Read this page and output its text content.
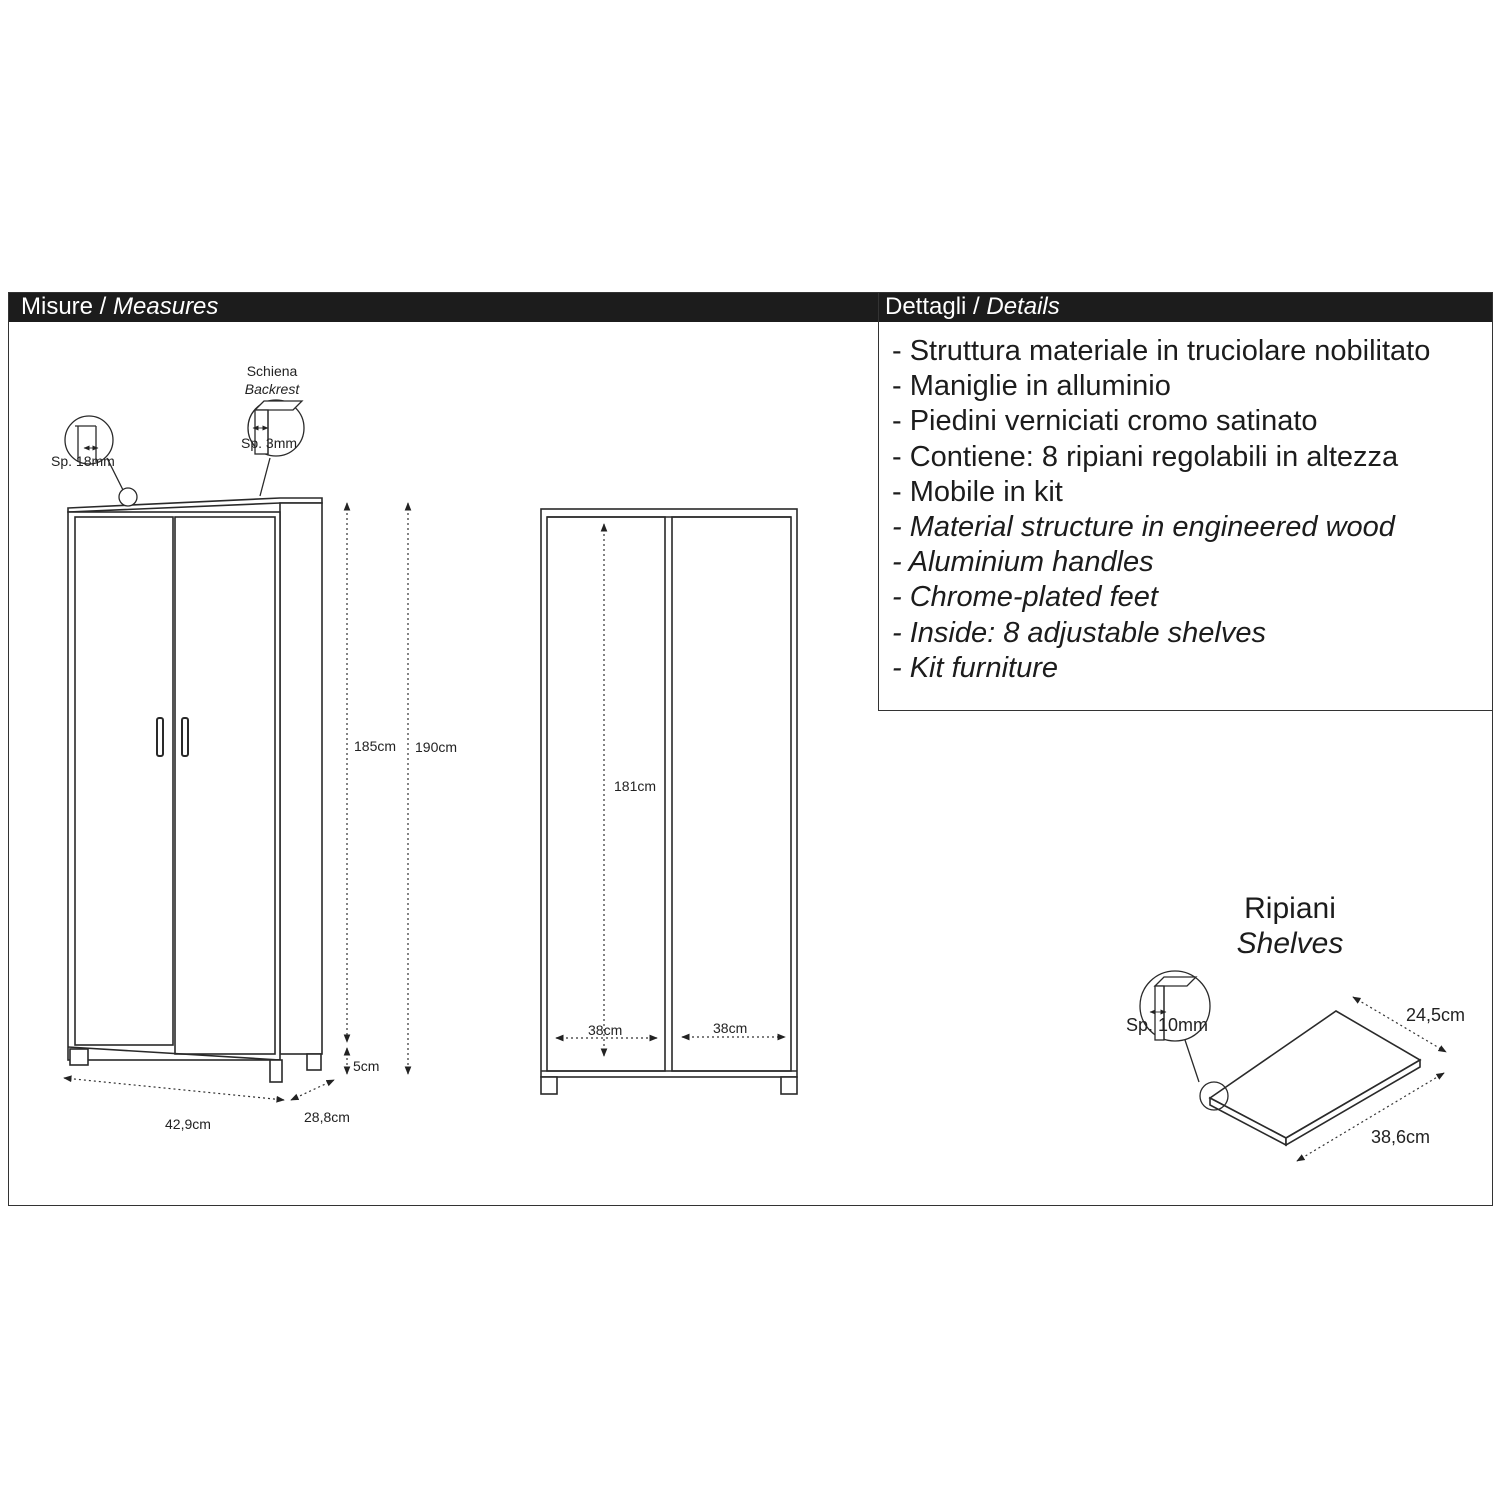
Misure / Measures	Dettagli / Details
- Struttura materiale in truciolare nobilitato
- Maniglie in alluminio
- Piedini verniciati cromo satinato
- Contiene: 8 ripiani regolabili in altezza
- Mobile in kit
- Material structure in engineered wood
- Aluminium handles
- Chrome-plated feet
- Inside: 8 adjustable shelves
- Kit furniture
Ripiani
Shelves
Schiena
Backrest
Sp. 3mm
Sp. 18mm
185cm 190cm
5cm
42,9cm	28,8cm
181cm
38cm	38cm	Sp. 10mm	24,5cm
38,6cm
